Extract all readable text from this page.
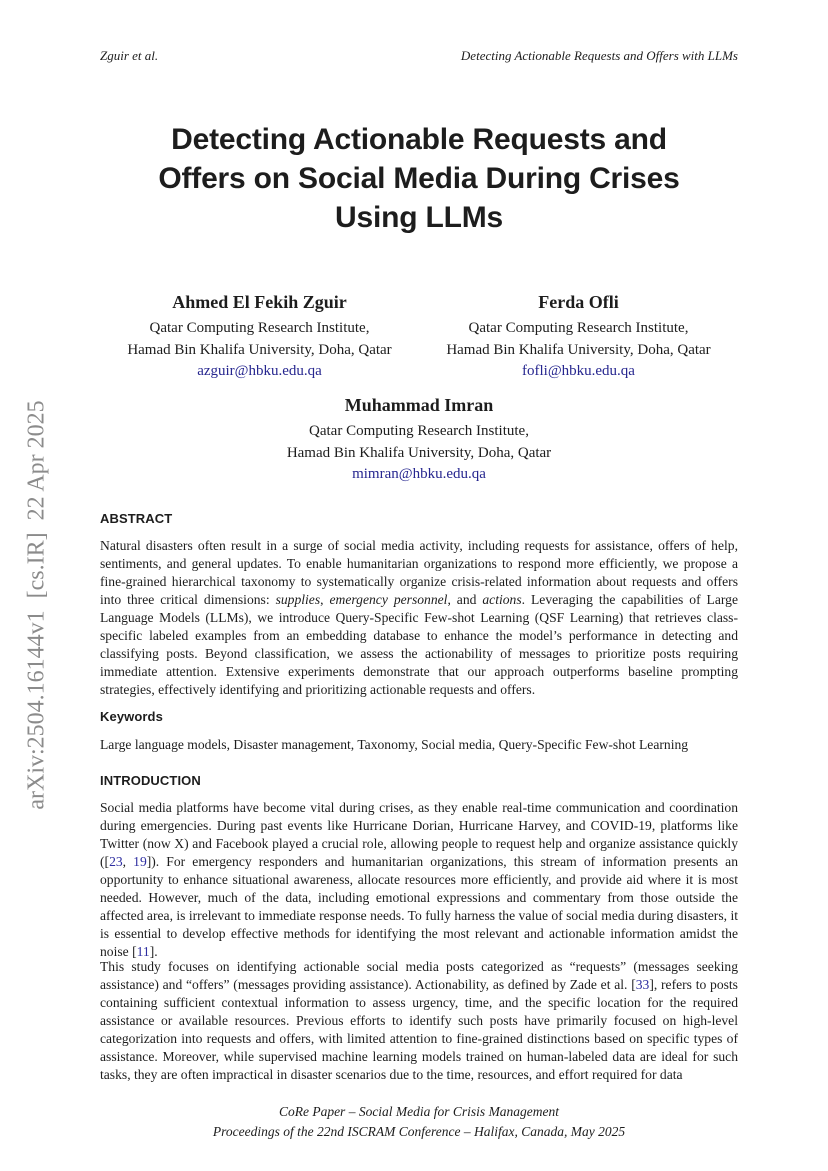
arXiv:2504.16144v1  [cs.IR]  22 Apr 2025
Zguir et al.	Detecting Actionable Requests and Offers with LLMs
Detecting Actionable Requests and
Offers on Social Media During Crises
Using LLMs
Ahmed El Fekih Zguir
Qatar Computing Research Institute,
Hamad Bin Khalifa University, Doha, Qatar
azguir@hbku.edu.qa
Ferda Ofli
Qatar Computing Research Institute,
Hamad Bin Khalifa University, Doha, Qatar
fofli@hbku.edu.qa
Muhammad Imran
Qatar Computing Research Institute,
Hamad Bin Khalifa University, Doha, Qatar
mimran@hbku.edu.qa
ABSTRACT

Natural disasters often result in a surge of social media activity, including requests for assistance, offers of help, sentiments, and general updates. To enable humanitarian organizations to respond more efficiently, we propose a fine-grained hierarchical taxonomy to systematically organize crisis-related information about requests and offers into three critical dimensions: supplies, emergency personnel, and actions. Leveraging the capabilities of Large Language Models (LLMs), we introduce Query-Specific Few-shot Learning (QSF Learning) that retrieves class-specific labeled examples from an embedding database to enhance the model’s performance in detecting and classifying posts. Beyond classification, we assess the actionability of messages to prioritize posts requiring immediate attention. Extensive experiments demonstrate that our approach outperforms baseline prompting strategies, effectively identifying and prioritizing actionable requests and offers.

Keywords

Large language models, Disaster management, Taxonomy, Social media, Query-Specific Few-shot Learning

INTRODUCTION

Social media platforms have become vital during crises, as they enable real-time communication and coordination during emergencies. During past events like Hurricane Dorian, Hurricane Harvey, and COVID-19, platforms like Twitter (now X) and Facebook played a crucial role, allowing people to request help and organize assistance quickly ([23, 19]). For emergency responders and humanitarian organizations, this stream of information presents an opportunity to enhance situational awareness, allocate resources more efficiently, and provide aid where it is most needed. However, much of the data, including emotional expressions and commentary from those outside the affected area, is irrelevant to immediate response needs. To fully harness the value of social media during disasters, it is essential to develop effective methods for identifying the most relevant and actionable information amidst the noise [11].

This study focuses on identifying actionable social media posts categorized as “requests” (messages seeking assistance) and “offers” (messages providing assistance). Actionability, as defined by Zade et al. [33], refers to posts containing sufficient contextual information to assess urgency, time, and the specific location for the required assistance or available resources. Previous efforts to identify such posts have primarily focused on high-level categorization into requests and offers, with limited attention to fine-grained distinctions based on specific types of assistance. Moreover, while supervised machine learning models trained on human-labeled data are ideal for such tasks, they are often impractical in disaster scenarios due to the time, resources, and effort required for data

CoRe Paper – Social Media for Crisis Management
Proceedings of the 22nd ISCRAM Conference – Halifax, Canada, May 2025
